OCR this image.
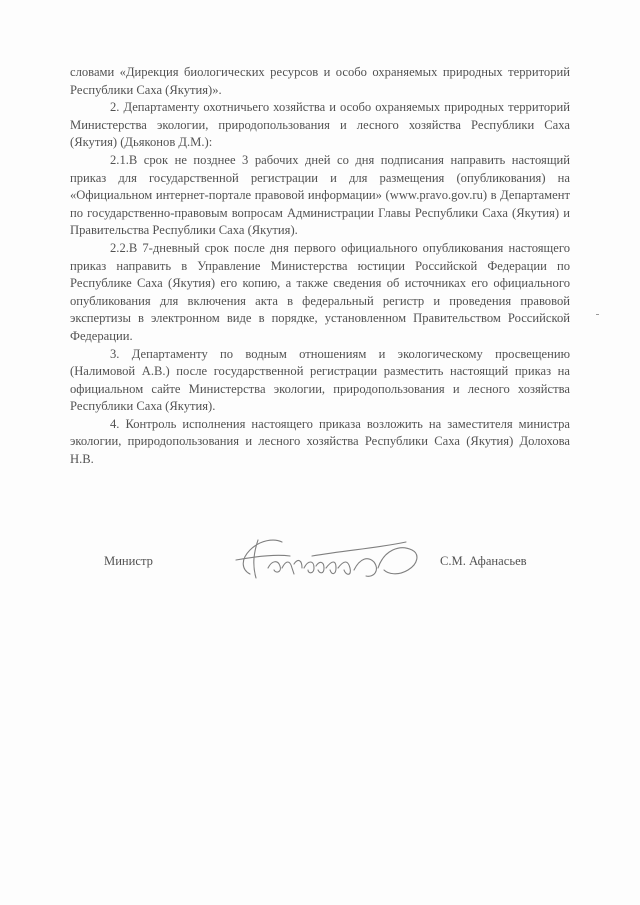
словами «Дирекция биологических ресурсов и особо охраняемых природных территорий Республики Саха (Якутия)».

2. Департаменту охотничьего хозяйства и особо охраняемых природных территорий Министерства экологии, природопользования и лесного хозяйства Республики Саха (Якутия) (Дьяконов Д.М.):

2.1.В срок не позднее 3 рабочих дней со дня подписания направить настоящий приказ для государственной регистрации и для размещения (опубликования) на «Официальном интернет-портале правовой информации» (www.pravo.gov.ru) в Департамент по государственно-правовым вопросам Администрации Главы Республики Саха (Якутия) и Правительства Республики Саха (Якутия).

2.2.В 7-дневный срок после дня первого официального опубликования настоящего приказ направить в Управление Министерства юстиции Российской Федерации по Республике Саха (Якутия) его копию, а также сведения об источниках его официального опубликования для включения акта в федеральный регистр и проведения правовой экспертизы в электронном виде в порядке, установленном Правительством Российской Федерации.

3. Департаменту по водным отношениям и экологическому просвещению (Налимовой А.В.) после государственной регистрации разместить настоящий приказ на официальном сайте Министерства экологии, природопользования и лесного хозяйства Республики Саха (Якутия).

4. Контроль исполнения настоящего приказа возложить на заместителя министра экологии, природопользования и лесного хозяйства Республики Саха (Якутия) Долохова Н.В.

Министр	С.М. Афанасьев
